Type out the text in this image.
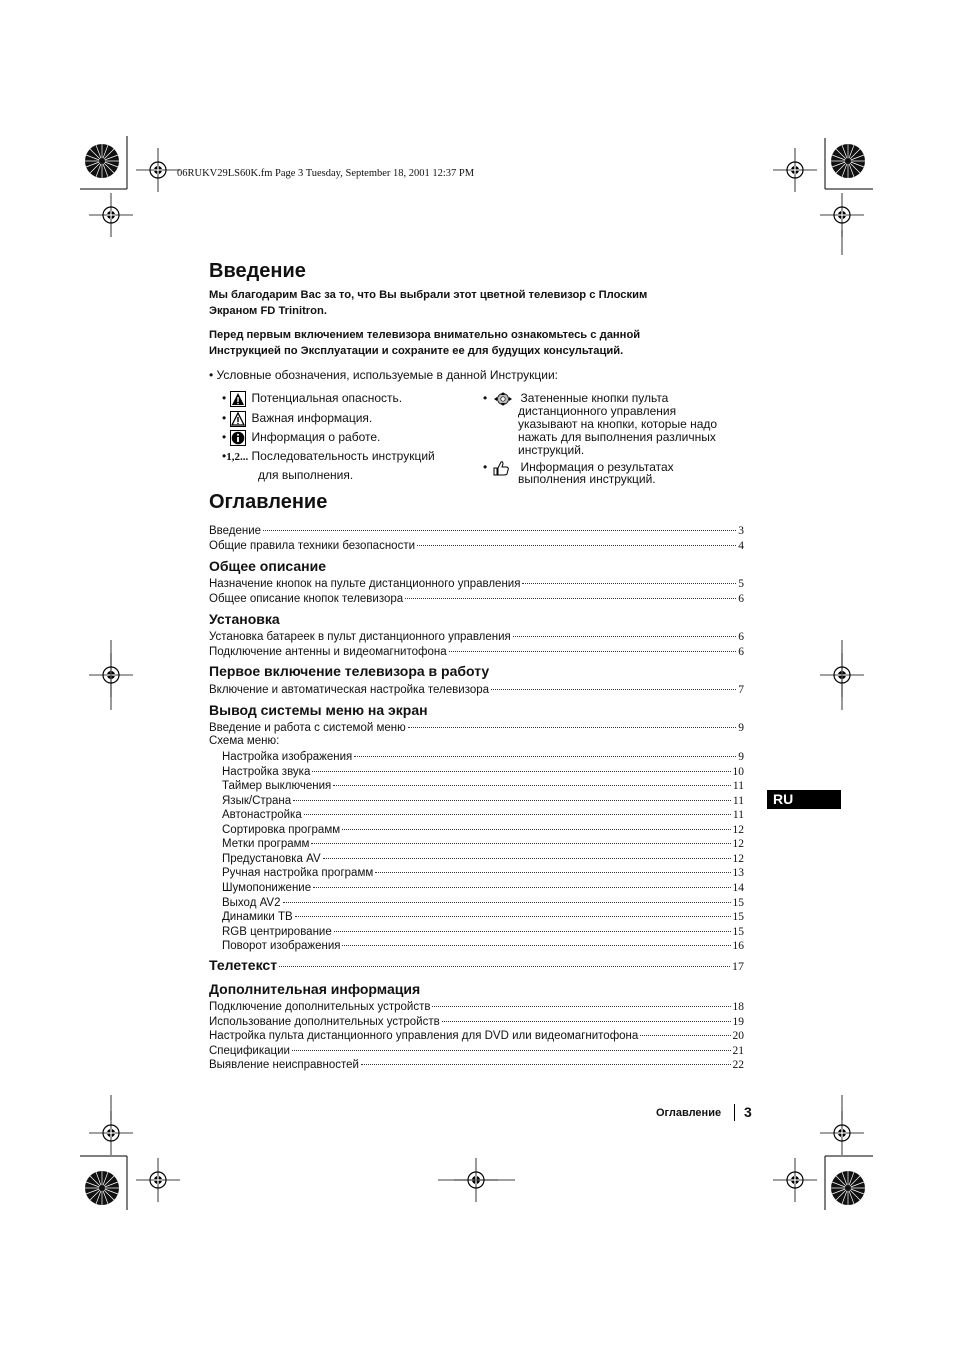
06RUKV29LS60K.fm Page 3 Tuesday, September 18, 2001 12:37 PM
Введение
Мы благодарим Вас за то, что Вы выбрали этот цветной телевизор с Плоским
Экраном FD Trinitron.
Перед первым включением телевизора внимательно ознакомьтесь с данной
Инструкцией по Эксплуатации и сохраните ее для будущих консультаций.
• Условные обозначения, используемые в данной Инструкции:
• Потенциальная опасность.
• Важная информация.
• Информация о работе.
•1,2... Последовательность инструкций
для выполнения.
•	Затененные кнопки пульта
дистанционного управления
указывают на кнопки, которые надо
нажать для выполнения различных
инструкций.
•	Информация о результатах
выполнения инструкций.
Оглавление
Введение	3
Общие правила техники безопасности	4
Общее описание
Назначение кнопок на пульте дистанционного управления	5
Общее описание кнопок телевизора	6
Установка
Установка батареек в пульт дистанционного управления	6
Подключение антенны и видеомагнитофона	6
Первое включение телевизора в работу
Включение и автоматическая настройка телевизора	7
Вывод системы меню на экран
Введение и работа с системой меню	9
Схема меню:
Настройка изображения	9
Настройка звука	10
Таймер выключения	11
Язык/Страна	11
Автонастройка	11
Сортировка программ	12
Метки программ	12
Предустановка AV	12
Ручная настройка программ	13
Шумопонижение	14
Выход AV2	15
Динамики ТВ	15
RGB центрирование	15
Поворот изображения	16
Телетекст	17
Дополнительная информация
Подключение дополнительных устройств	18
Использование дополнительных устройств	19
Настройка пульта дистанционного управления для DVD или видеомагнитофона	20
Спецификации	21
Выявление неисправностей	22
RU
Оглавление 3
